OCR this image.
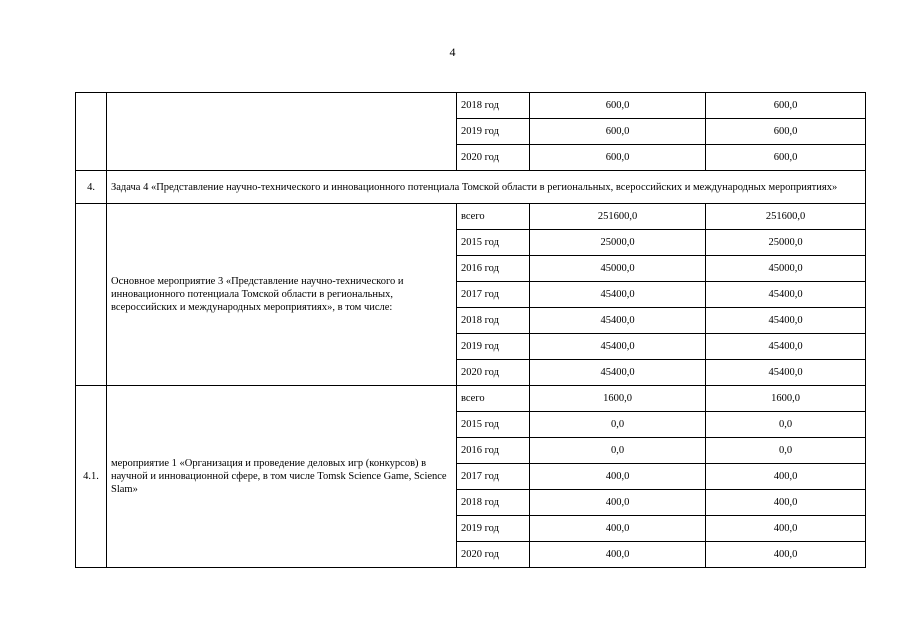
4
		2018 год	600,0	600,0
		2019 год	600,0	600,0
		2020 год	600,0	600,0
4.	Задача 4 «Представление научно-технического и инновационного потенциала Томской области в региональных, всероссийских и международных мероприятиях»			
	Основное мероприятие 3 «Представление научно-технического и инновационного потенциала Томской области в региональных, всероссийских и международных мероприятиях», в том числе:	всего	251600,0	251600,0
		2015 год	25000,0	25000,0
		2016 год	45000,0	45000,0
		2017 год	45400,0	45400,0
		2018 год	45400,0	45400,0
		2019 год	45400,0	45400,0
		2020 год	45400,0	45400,0
4.1.	мероприятие 1 «Организация и проведение деловых игр (конкурсов) в научной и инновационной сфере, в том числе Tomsk Science Game, Science Slam»	всего	1600,0	1600,0
		2015 год	0,0	0,0
		2016 год	0,0	0,0
		2017 год	400,0	400,0
		2018 год	400,0	400,0
		2019 год	400,0	400,0
		2020 год	400,0	400,0
